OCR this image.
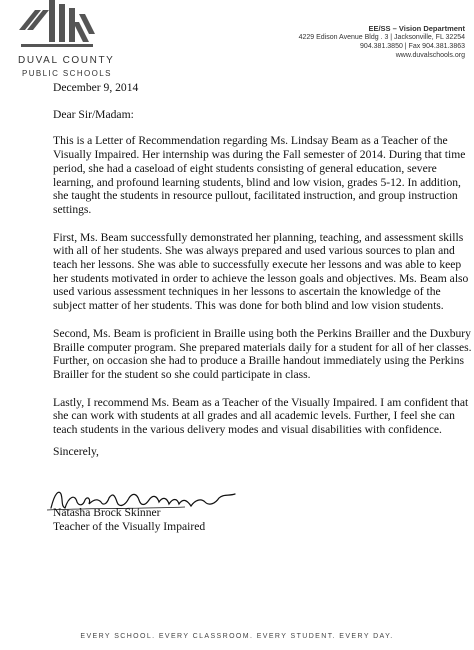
DUVAL COUNTY
PUBLIC SCHOOLS
EE/SS – Vision Department
4229 Edison Avenue Bldg . 3 | Jacksonville, FL 32254
904.381.3850 | Fax 904.381.3863
www.duvalschools.org

December 9, 2014

Dear Sir/Madam:

This is a Letter of Recommendation regarding Ms. Lindsay Beam as a Teacher of the Visually Impaired. Her internship was during the Fall semester of 2014. During that time period, she had a caseload of eight students consisting of general education, severe learning, and profound learning students, blind and low vision, grades 5-12. In addition, she taught the students in resource pullout, facilitated instruction, and group instruction settings.

First, Ms. Beam successfully demonstrated her planning, teaching, and assessment skills with all of her students. She was always prepared and used various sources to plan and teach her lessons. She was able to successfully execute her lessons and was able to keep her students motivated in order to achieve the lesson goals and objectives. Ms. Beam also used various assessment techniques in her lessons to ascertain the knowledge of the subject matter of her students. This was done for both blind and low vision students.

Second, Ms. Beam is proficient in Braille using both the Perkins Brailler and the Duxbury Braille computer program. She prepared materials daily for a student for all of her classes. Further, on occasion she had to produce a Braille handout immediately using the Perkins Brailler for the student so she could participate in class.

Lastly, I recommend Ms. Beam as a Teacher of the Visually Impaired. I am confident that she can work with students at all grades and all academic levels. Further, I feel she can teach students in the various delivery modes and visual disabilities with confidence.

Sincerely,

Natasha Brock Skinner
Teacher of the Visually Impaired
EVERY SCHOOL. EVERY CLASSROOM. EVERY STUDENT. EVERY DAY.
